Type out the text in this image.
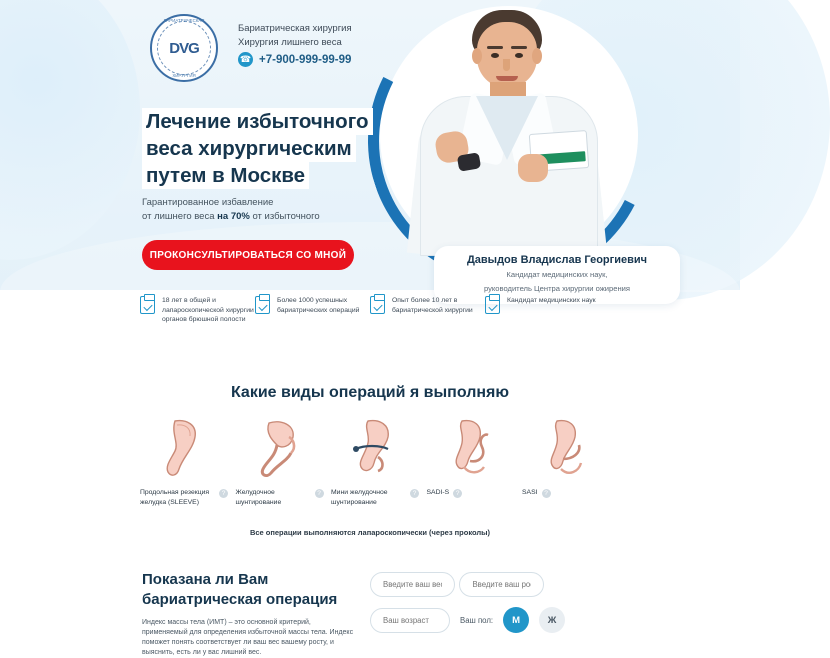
DVG
БАРИАТРИЧЕСКАЯ
ХИРУРГИЯ
Бариатрическая хирургия
Хирургия лишнего веса
☎ +7-900-999-99-99
Давыдов Владислав Георгиевич
Кандидат медицинских наук,
руководитель Центра хирургии ожирения
Лечение избыточного
веса хирургическим
путем в Москве
Гарантированное избавление
от лишнего веса на 70% от избыточного
ПРОКОНСУЛЬТИРОВАТЬСЯ СО МНОЙ
18 лет в общей и лапароскопической хирургии органов брюшной полости
Более 1000 успешных бариатрических операций
Опыт более 10 лет в бариатрической хирургии
Кандидат медицинских наук
Какие виды операций я выполняю
Продольная резекция желудка (SLEEVE)
?	Желудочное шунтирование
?	Мини желудочное шунтирование
?	SADI-S	?	SASI	?
Все операции выполняются лапароскопически (через проколы)
Показана ли Вам
бариатрическая операция
Индекс массы тела (ИМТ) – это основной критерий, применяемый для определения избыточной массы тела. Индекс поможет понять соответствует ли ваш вес вашему росту, и выяснить, есть ли у вас лишний вес.
Введите ваш вес Введите ваш рост
Ваш возраст
Ваш пол:	М	Ж
